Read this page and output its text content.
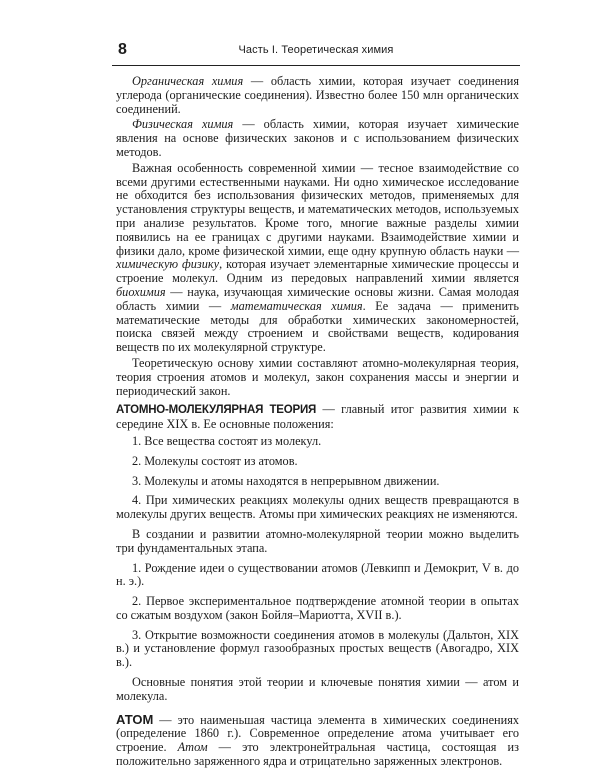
8	Часть I. Теоретическая химия

Органическая химия — область химии, которая изучает соединения углерода (органические соединения). Известно более 150 млн органических соединений.

Физическая химия — область химии, которая изучает химические явления на основе физических законов и с использованием физических методов.

Важная особенность современной химии — тесное взаимодействие со всеми другими естественными науками. Ни одно химическое исследование не обходится без использования физических методов, применяемых для установления структуры веществ, и математических методов, используемых при анализе результатов. Кроме того, многие важные разделы химии появились на ее границах с другими науками. Взаимодействие химии и физики дало, кроме физической химии, еще одну крупную область науки — химическую физику, которая изучает элементарные химические процессы и строение молекул. Одним из передовых направлений химии является биохимия — наука, изучающая химические основы жизни. Самая молодая область химии — математическая химия. Ее задача — применить математические методы для обработки химических закономерностей, поиска связей между строением и свойствами веществ, кодирования веществ по их молекулярной структуре.

Теоретическую основу химии составляют атомно-молекулярная теория, теория строения атомов и молекул, закон сохранения массы и энергии и периодический закон.

АТОМНО-МОЛЕКУЛЯРНАЯ ТЕОРИЯ — главный итог развития химии к середине XIX в. Ее основные положения:

1. Все вещества состоят из молекул.

2. Молекулы состоят из атомов.

3. Молекулы и атомы находятся в непрерывном движении.

4. При химических реакциях молекулы одних веществ превращаются в молекулы других веществ. Атомы при химических реакциях не изменяются.

В создании и развитии атомно-молекулярной теории можно выделить три фундаментальных этапа.

1. Рождение идеи о существовании атомов (Левкипп и Демокрит, V в. до н. э.).

2. Первое экспериментальное подтверждение атомной теории в опытах со сжатым воздухом (закон Бойля–Мариотта, XVII в.).

3. Открытие возможности соединения атомов в молекулы (Дальтон, XIX в.) и установление формул газообразных простых веществ (Авогадро, XIX в.).

Основные понятия этой теории и ключевые понятия химии — атом и молекула.

АТОМ — это наименьшая частица элемента в химических соединениях (определение 1860 г.). Современное определение атома учитывает его строение. Атом — это электронейтральная частица, состоящая из положительно заряженного ядра и отрицательно заряженных электронов.
